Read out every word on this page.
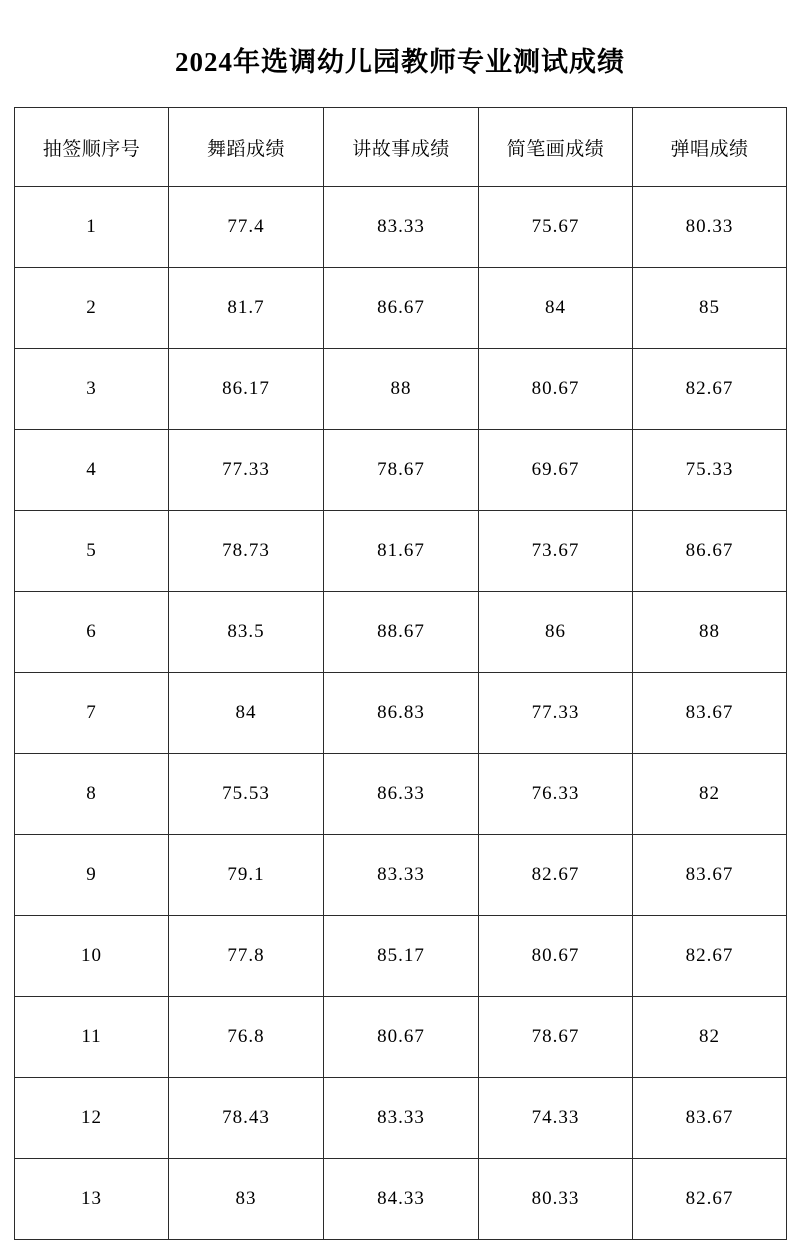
2024年选调幼儿园教师专业测试成绩
抽签顺序号	舞蹈成绩	讲故事成绩	简笔画成绩	弹唱成绩
1	77.4	83.33	75.67	80.33
2	81.7	86.67	84	85
3	86.17	88	80.67	82.67
4	77.33	78.67	69.67	75.33
5	78.73	81.67	73.67	86.67
6	83.5	88.67	86	88
7	84	86.83	77.33	83.67
8	75.53	86.33	76.33	82
9	79.1	83.33	82.67	83.67
10	77.8	85.17	80.67	82.67
11	76.8	80.67	78.67	82
12	78.43	83.33	74.33	83.67
13	83	84.33	80.33	82.67
